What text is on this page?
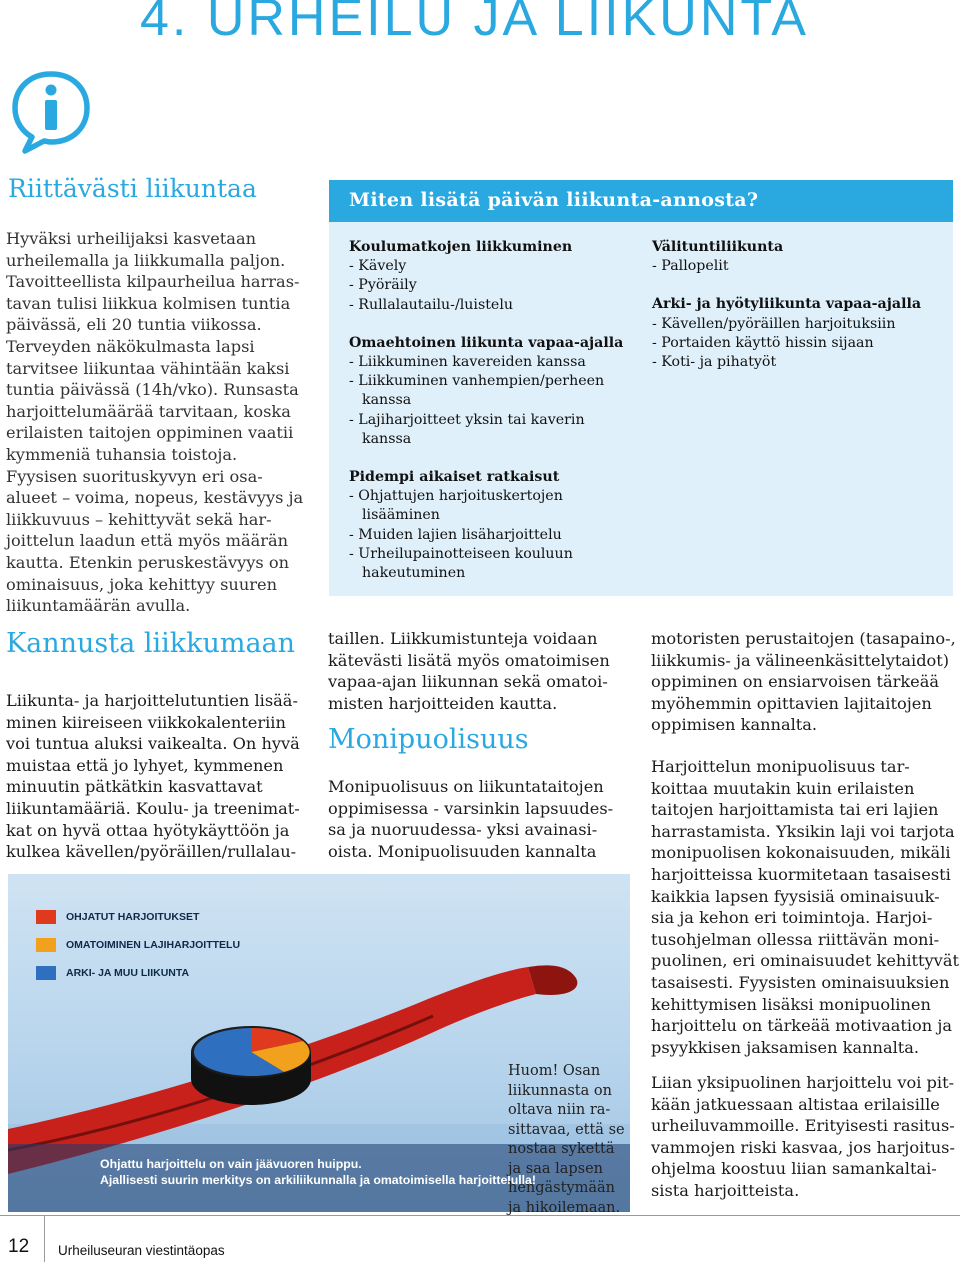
4. URHEILU JA LIIKUNTA
Riittävästi liikuntaa
Hyväksi urheilijaksi kasvetaan
urheilemalla ja liikkumalla paljon.
Tavoitteellista kilpaurheilua harras-
tavan tulisi liikkua kolmisen tuntia
päivässä, eli 20 tuntia viikossa.
Terveyden näkökulmasta lapsi
tarvitsee liikuntaa vähintään kaksi
tuntia päivässä (14h/vko). Runsasta
harjoittelumäärää tarvitaan, koska
erilaisten taitojen oppiminen vaatii
kymmeniä tuhansia toistoja.
Fyysisen suorituskyvyn eri osa-
alueet – voima, nopeus, kestävyys ja
liikkuvuus – kehittyvät sekä har-
joittelun laadun että myös määrän
kautta. Etenkin peruskestävyys on
ominaisuus, joka kehittyy suuren
liikuntamäärän avulla.
Kannusta liikkumaan
Liikunta- ja harjoittelutuntien lisää-
minen kiireiseen viikkokalenteriin
voi tuntua aluksi vaikealta. On hyvä
muistaa että jo lyhyet, kymmenen
minuutin pätkätkin kasvattavat
liikuntamääriä. Koulu- ja treenimat-
kat on hyvä ottaa hyötykäyttöön ja
kulkea kävellen/pyöräillen/rullalau-
Miten lisätä päivän liikunta-annosta?
Koulumatkojen liikkuminen
- Kävely
- Pyöräily
- Rullalautailu-/luistelu
Omaehtoinen liikunta vapaa-ajalla
- Liikkuminen kavereiden kanssa
- Liikkuminen vanhempien/perheen
kanssa
- Lajiharjoitteet yksin tai kaverin
kanssa
Pidempi aikaiset ratkaisut
- Ohjattujen harjoituskertojen
lisääminen
- Muiden lajien lisäharjoittelu
- Urheilupainotteiseen kouluun
hakeutuminen
Välituntiliikunta
- Pallopelit
Arki- ja hyötyliikunta vapaa-ajalla
- Kävellen/pyöräillen harjoituksiin
- Portaiden käyttö hissin sijaan
- Koti- ja pihatyöt
taillen. Liikkumistunteja voidaan
kätevästi lisätä myös omatoimisen
vapaa-ajan liikunnan sekä omatoi-
misten harjoitteiden kautta.
Monipuolisuus
Monipuolisuus on liikuntataitojen
oppimisessa - varsinkin lapsuudes-
sa ja nuoruudessa- yksi avainasi-
oista. Monipuolisuuden kannalta
motoristen perustaitojen (tasapaino-,
liikkumis- ja välineenkäsittelytaidot)
oppiminen on ensiarvoisen tärkeää
myöhemmin opittavien lajitaitojen
oppimisen kannalta.
Harjoittelun monipuolisuus tar-
koittaa muutakin kuin erilaisten
taitojen harjoittamista tai eri lajien
harrastamista. Yksikin laji voi tarjota
monipuolisen kokonaisuuden, mikäli
harjoitteissa kuormitetaan tasaisesti
kaikkia lapsen fyysisiä ominaisuuk-
sia ja kehon eri toimintoja. Harjoi-
tusohjelman ollessa riittävän moni-
puolinen, eri ominaisuudet kehittyvät
tasaisesti. Fyysisten ominaisuuksien
kehittymisen lisäksi monipuolinen
harjoittelu on tärkeää motivaation ja
psyykkisen jaksamisen kannalta.
Liian yksipuolinen harjoittelu voi pit-
kään jatkuessaan altistaa erilaisille
urheiluvammoille. Erityisesti rasitus-
vammojen riski kasvaa, jos harjoitus-
ohjelma koostuu liian samankaltai-
sista harjoitteista.
OHJATUT HARJOITUKSET
OMATOIMINEN LAJIHARJOITTELU
ARKI- JA MUU LIIKUNTA
Ohjattu harjoittelu on vain jäävuoren huippu.
Ajallisesti suurin merkitys on arkiliikunnalla ja omatoimisella harjoittelulla!
Huom! Osan
liikunnasta on
oltava niin ra-
sittavaa, että se
nostaa sykettä
ja saa lapsen
hengästymään
ja hikoilemaan.
12 Urheiluseuran viestintäopas
